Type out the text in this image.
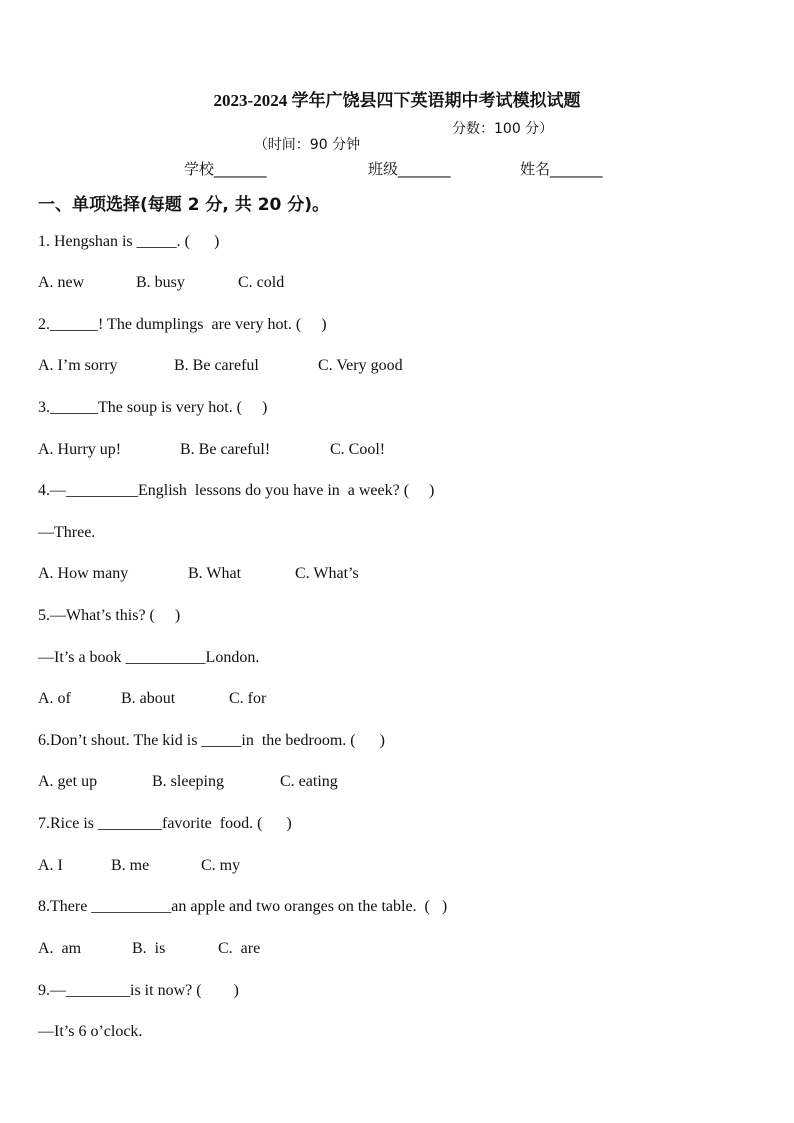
2023-2024 学年广饶县四下英语期中考试模拟试题

（时间：90 分钟

分数：100 分）

学校_______	班级_______	姓名_______
一、单项选择(每题 2 分, 共 20 分)。
1. Hengshan is _____. (      )

A. new

	B. busy

	C. cold

2.______! The dumplings  are very hot. (     )

A. I’m sorry

	B. Be careful

	C. Very good

3.______The soup is very hot. (     )

A. Hurry up!

	B. Be careful!

	C. Cool!

4.—_________English  lessons do you have in  a week? (     )
—Three.

A. How many

	B. What

	C. What’s

5.—What’s this? (     )
—It’s a book __________London.

A. of

	B. about

	C. for

6.Don’t shout. The kid is _____in  the bedroom. (      )

A. get up

	B. sleeping

	C. eating

7.Rice is ________favorite  food. (      )

A. I

	B. me

	C. my

8.There __________an apple and two oranges on the table.  (   )

A.  am

	B.  is

	C.  are

9.—________is it now? (        )
—It’s 6 o’clock.
